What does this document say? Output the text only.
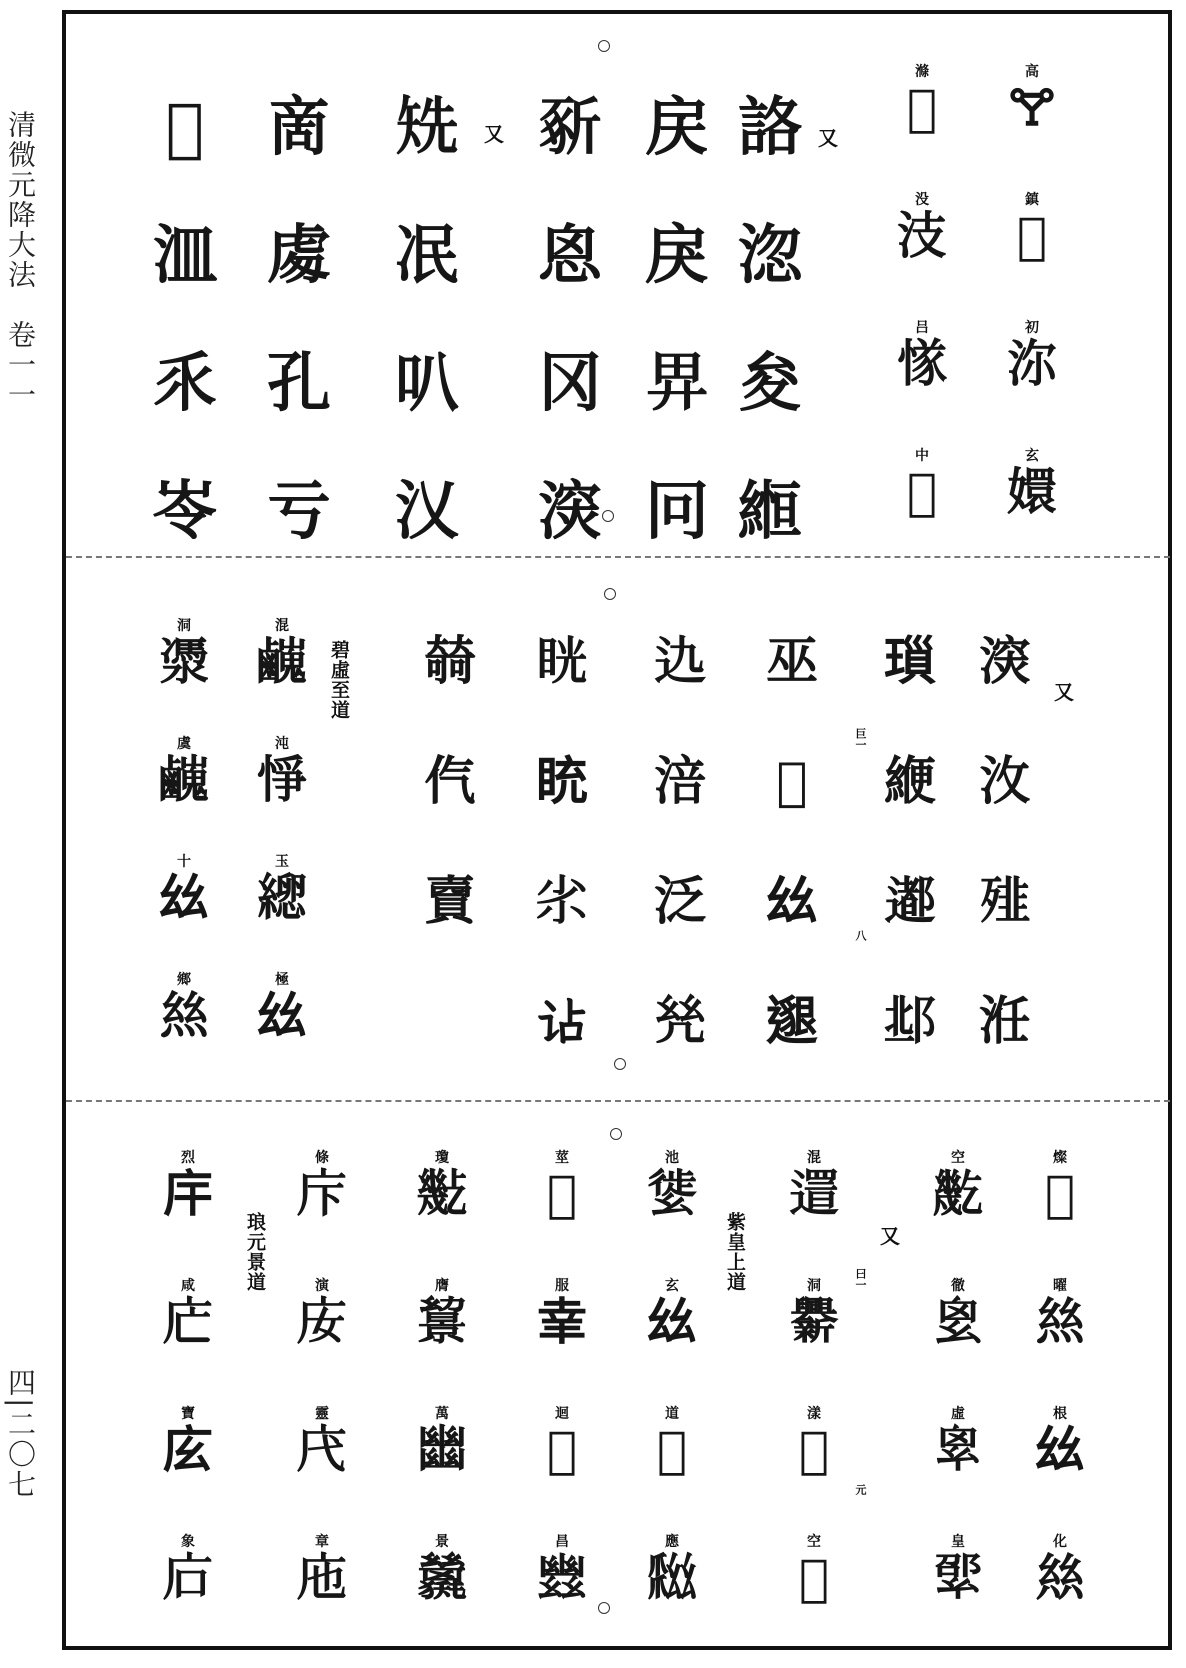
清微元降大法　卷一一
四|二〇七
又
又
高
🝖
鎮
𦎕
初
沵
玄
嬛
滌
𣲖
没
汥
吕
㥞
中
𡧑
詻
淴
夋
縆
戻
戾
𢌿
冋
𣂡
恖
冈
㴱
𥏌
冺
叭
㲼
啇
䖏
孔
亏
𣲌
㳑
乑
岺
又
巨一
八
碧虛至道	㴱
㳊
𩐁
㳝
𤨏
緶
𨗊
𨛆
巫
𢗟
𢆶
𨗿
𨑍
涪
泛
𢆻
𥆄
𥅻
𡭝
𧮪
㚡
㐹
𧶠
混
𪊃
沌
𢛵
玉
𦃕
極
𢆶
洞
㵗
虞
𪊃
十
𢆶
鄉
𢇁
又
曰一
元
紫皇上道
琅元景道
燦
𢇉
曜
𢇁
根
𢆶
化
𢇃
空
𢇓
徹
𢆿
虛
𢇆
皇
𢇊
混
𨖞
洞
𨑁
漾
𢇂
空
𨙥
池
𢇌
玄
𢆶
道
𢇎
應
𢇏
莖
𡗐
服
𦍒
迴
𢇐
昌
𢇑
瓊
𢇒
膺
𢇔
萬
𢇕
景
𢇖
條
𢇗
演
𢇘
靈
𢇙
章
𢇚
烈
𢇛
咸
𢇜
寶
𢇝
象
𢇞
